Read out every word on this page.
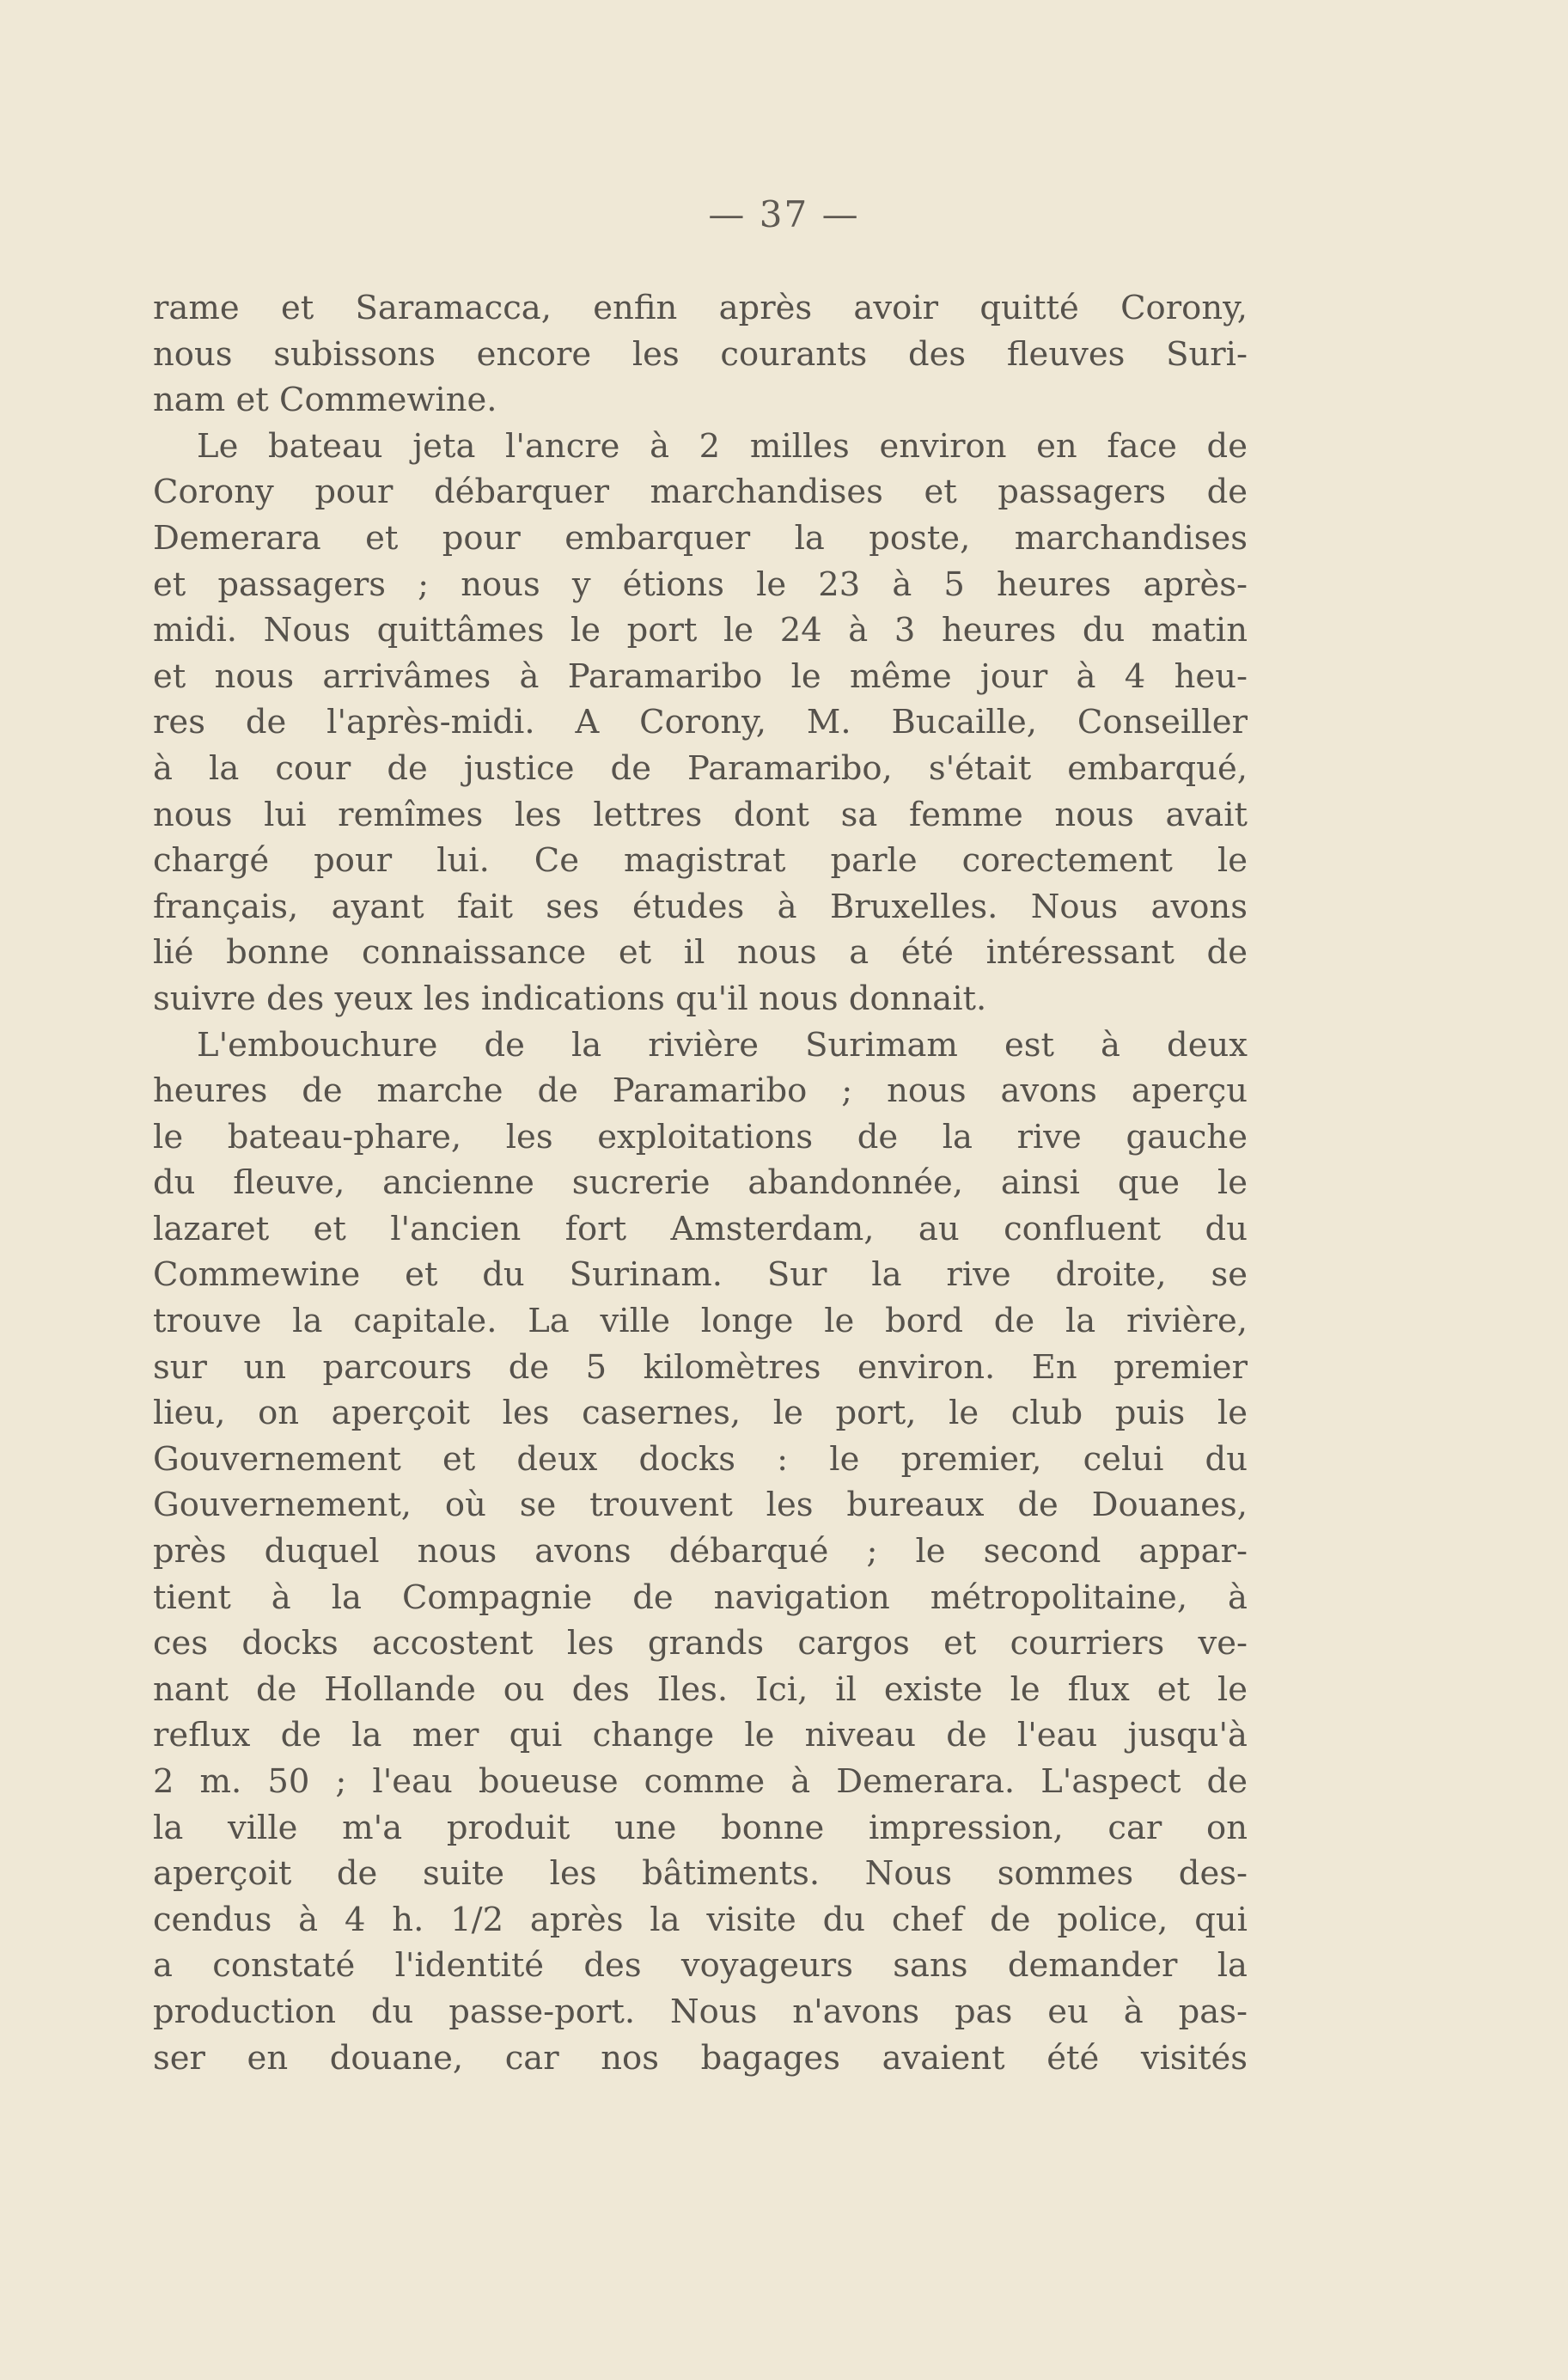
— 37 —
rame et Saramacca, enfin après avoir quitté Corony,
nous subissons encore les courants des fleuves Suri-
nam et Commewine.
Le bateau jeta l'ancre à 2 milles environ en face de
Corony pour débarquer marchandises et passagers de
Demerara et pour embarquer la poste, marchandises
et passagers ; nous y étions le 23 à 5 heures après-
midi. Nous quittâmes le port le 24 à 3 heures du matin
et nous arrivâmes à Paramaribo le même jour à 4 heu-
res de l'après-midi. A Corony, M. Bucaille, Conseiller
à la cour de justice de Paramaribo, s'était embarqué,
nous lui remîmes les lettres dont sa femme nous avait
chargé pour lui. Ce magistrat parle corectement le
français, ayant fait ses études à Bruxelles. Nous avons
lié bonne connaissance et il nous a été intéressant de
suivre des yeux les indications qu'il nous donnait.
L'embouchure de la rivière Surimam est à deux
heures de marche de Paramaribo ; nous avons aperçu
le bateau-phare, les exploitations de la rive gauche
du fleuve, ancienne sucrerie abandonnée, ainsi que le
lazaret et l'ancien fort Amsterdam, au confluent du
Commewine et du Surinam. Sur la rive droite, se
trouve la capitale. La ville longe le bord de la rivière,
sur un parcours de 5 kilomètres environ. En premier
lieu, on aperçoit les casernes, le port, le club puis le
Gouvernement et deux docks : le premier, celui du
Gouvernement, où se trouvent les bureaux de Douanes,
près duquel nous avons débarqué ; le second appar-
tient à la Compagnie de navigation métropolitaine, à
ces docks accostent les grands cargos et courriers ve-
nant de Hollande ou des Iles. Ici, il existe le flux et le
reflux de la mer qui change le niveau de l'eau jusqu'à
2 m. 50 ; l'eau boueuse comme à Demerara. L'aspect de
la ville m'a produit une bonne impression, car on
aperçoit de suite les bâtiments. Nous sommes des-
cendus à 4 h. 1/2 après la visite du chef de police, qui
a constaté l'identité des voyageurs sans demander la
production du passe-port. Nous n'avons pas eu à pas-
ser en douane, car nos bagages avaient été visités
